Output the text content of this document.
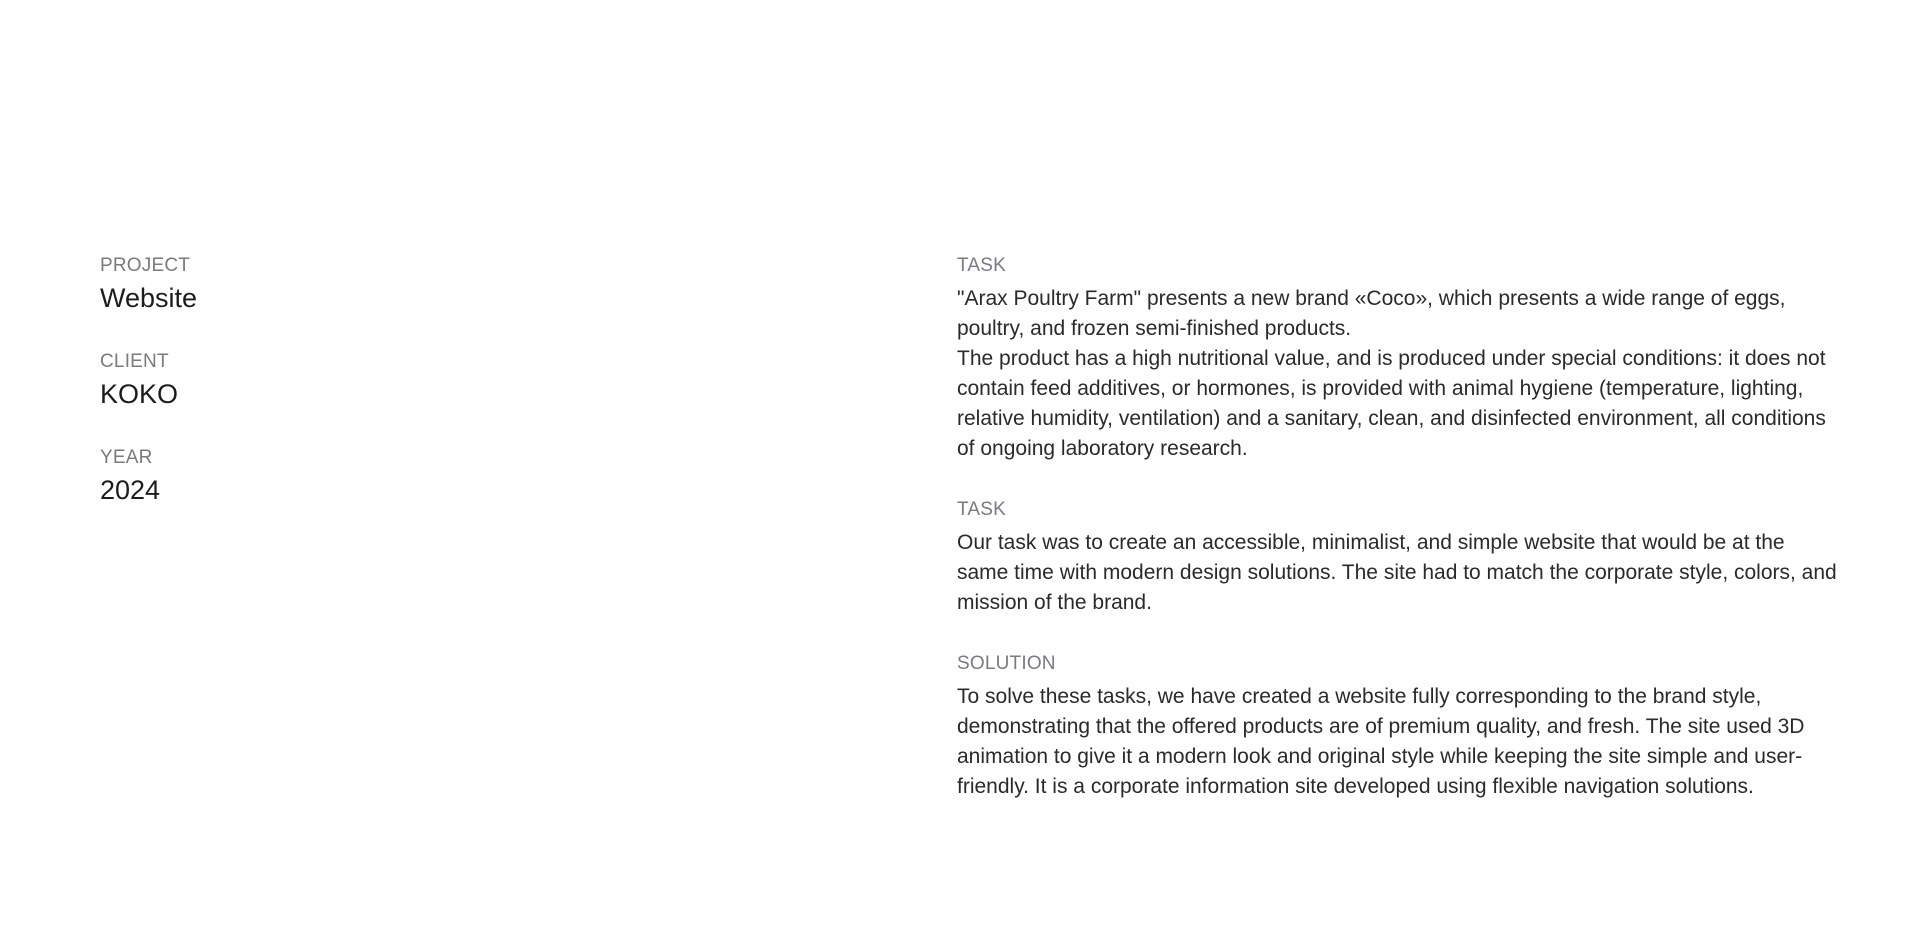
PROJECT
Website
CLIENT
KOKO
YEAR
2024
TASK

"Arax Poultry Farm" presents a new brand «Coco», which presents a wide range of eggs, poultry, and frozen semi-finished products.

The product has a high nutritional value, and is produced under special conditions: it does not contain feed additives, or hormones, is provided with animal hygiene (temperature, lighting, relative humidity, ventilation) and a sanitary, clean, and disinfected environment, all conditions of ongoing laboratory research.

TASK

Our task was to create an accessible, minimalist, and simple website that would be at the same time with modern design solutions. The site had to match the corporate style, colors, and mission of the brand.

SOLUTION

To solve these tasks, we have created a website fully corresponding to the brand style, demonstrating that the offered products are of premium quality, and fresh. The site used 3D animation to give it a modern look and original style while keeping the site simple and user-friendly. It is a corporate information site developed using flexible navigation solutions.
